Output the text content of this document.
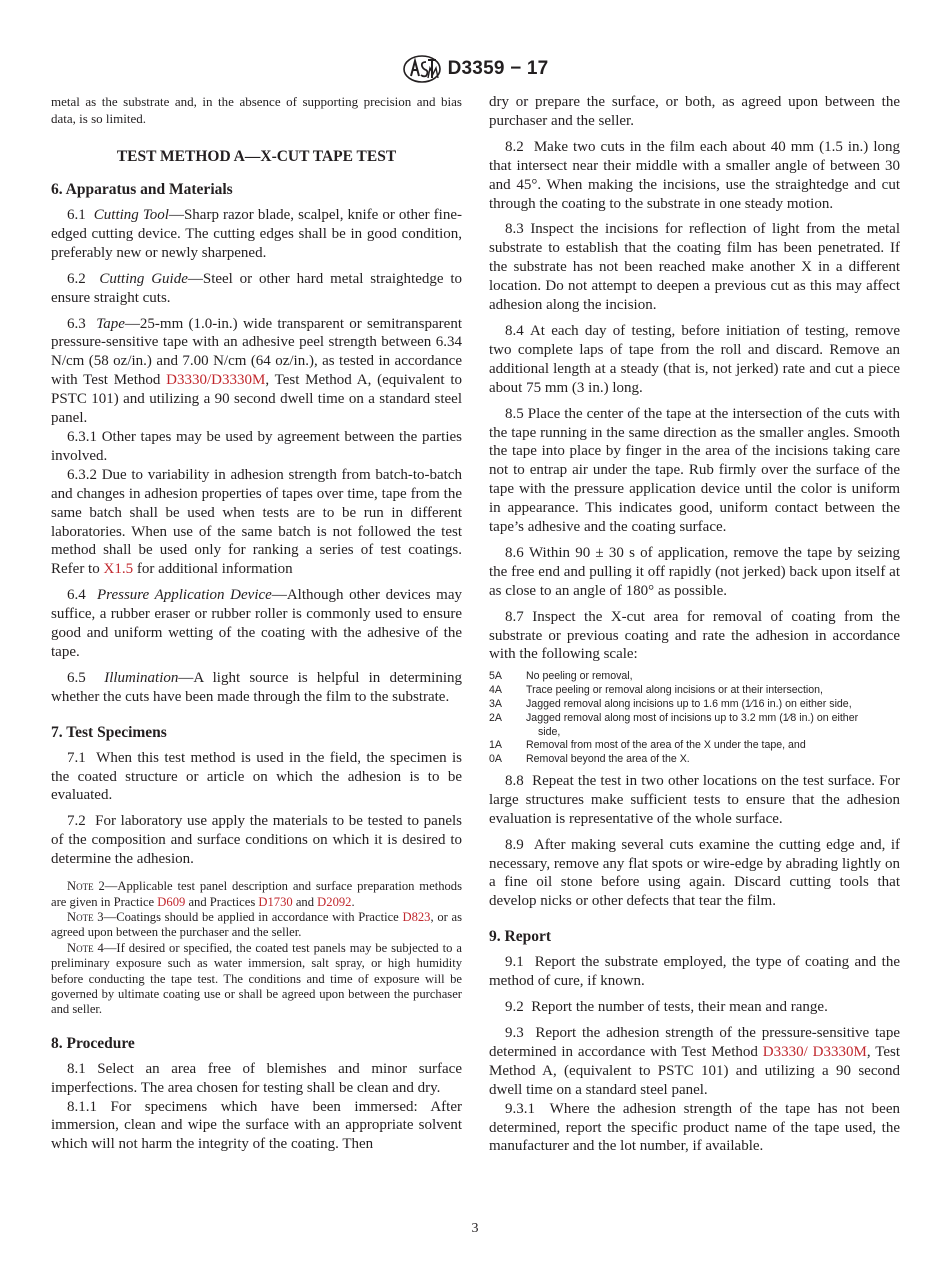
D3359 − 17

metal as the substrate and, in the absence of supporting precision and bias data, is so limited.

TEST METHOD A—X-CUT TAPE TEST

6. Apparatus and Materials

6.1 Cutting Tool—Sharp razor blade, scalpel, knife or other fine-edged cutting device. The cutting edges shall be in good condition, preferably new or newly sharpened.

6.2 Cutting Guide—Steel or other hard metal straightedge to ensure straight cuts.

6.3 Tape—25-mm (1.0-in.) wide transparent or semitransparent pressure-sensitive tape with an adhesive peel strength between 6.34 N/cm (58 oz/in.) and 7.00 N/cm (64 oz/in.), as tested in accordance with Test Method D3330/D3330M, Test Method A, (equivalent to PSTC 101) and utilizing a 90 second dwell time on a standard steel panel.

6.3.1 Other tapes may be used by agreement between the parties involved.

6.3.2 Due to variability in adhesion strength from batch-to-batch and changes in adhesion properties of tapes over time, tape from the same batch shall be used when tests are to be run in different laboratories. When use of the same batch is not followed the test method shall be used only for ranking a series of test coatings. Refer to X1.5 for additional information

6.4 Pressure Application Device—Although other devices may suffice, a rubber eraser or rubber roller is commonly used to ensure good and uniform wetting of the coating with the adhesive of the tape.

6.5 Illumination—A light source is helpful in determining whether the cuts have been made through the film to the substrate.

7. Test Specimens

7.1 When this test method is used in the field, the specimen is the coated structure or article on which the adhesion is to be evaluated.

7.2 For laboratory use apply the materials to be tested to panels of the composition and surface conditions on which it is desired to determine the adhesion.

Note 2—Applicable test panel description and surface preparation methods are given in Practice D609 and Practices D1730 and D2092.

Note 3—Coatings should be applied in accordance with Practice D823, or as agreed upon between the purchaser and the seller.

Note 4—If desired or specified, the coated test panels may be subjected to a preliminary exposure such as water immersion, salt spray, or high humidity before conducting the tape test. The conditions and time of exposure will be governed by ultimate coating use or shall be agreed upon between the purchaser and seller.

8. Procedure

8.1 Select an area free of blemishes and minor surface imperfections. The area chosen for testing shall be clean and dry.

8.1.1 For specimens which have been immersed: After immersion, clean and wipe the surface with an appropriate solvent which will not harm the integrity of the coating. Then

dry or prepare the surface, or both, as agreed upon between the purchaser and the seller.

8.2 Make two cuts in the film each about 40 mm (1.5 in.) long that intersect near their middle with a smaller angle of between 30 and 45°. When making the incisions, use the straightedge and cut through the coating to the substrate in one steady motion.

8.3 Inspect the incisions for reflection of light from the metal substrate to establish that the coating film has been penetrated. If the substrate has not been reached make another X in a different location. Do not attempt to deepen a previous cut as this may affect adhesion along the incision.

8.4 At each day of testing, before initiation of testing, remove two complete laps of tape from the roll and discard. Remove an additional length at a steady (that is, not jerked) rate and cut a piece about 75 mm (3 in.) long.

8.5 Place the center of the tape at the intersection of the cuts with the tape running in the same direction as the smaller angles. Smooth the tape into place by finger in the area of the incisions taking care not to entrap air under the tape. Rub firmly over the surface of the tape with the pressure application device until the color is uniform in appearance. This indicates good, uniform contact between the tape’s adhesive and the coating surface.

8.6 Within 90 ± 30 s of application, remove the tape by seizing the free end and pulling it off rapidly (not jerked) back upon itself at as close to an angle of 180° as possible.

8.7 Inspect the X-cut area for removal of coating from the substrate or previous coating and rate the adhesion in accordance with the following scale:

5A	No peeling or removal,
4A	Trace peeling or removal along incisions or at their intersection,
3A	Jagged removal along incisions up to 1.6 mm (1⁄16 in.) on either side,
2A	Jagged removal along most of incisions up to 3.2 mm (1⁄8 in.) on either
side,
1A	Removal from most of the area of the X under the tape, and
0A	Removal beyond the area of the X.

8.8 Repeat the test in two other locations on the test surface. For large structures make sufficient tests to ensure that the adhesion evaluation is representative of the whole surface.

8.9 After making several cuts examine the cutting edge and, if necessary, remove any flat spots or wire-edge by abrading lightly on a fine oil stone before using again. Discard cutting tools that develop nicks or other defects that tear the film.

9. Report

9.1 Report the substrate employed, the type of coating and the method of cure, if known.

9.2 Report the number of tests, their mean and range.

9.3 Report the adhesion strength of the pressure-sensitive tape determined in accordance with Test Method D3330/ D3330M, Test Method A, (equivalent to PSTC 101) and utilizing a 90 second dwell time on a standard steel panel.

9.3.1 Where the adhesion strength of the tape has not been determined, report the specific product name of the tape used, the manufacturer and the lot number, if available.

3
